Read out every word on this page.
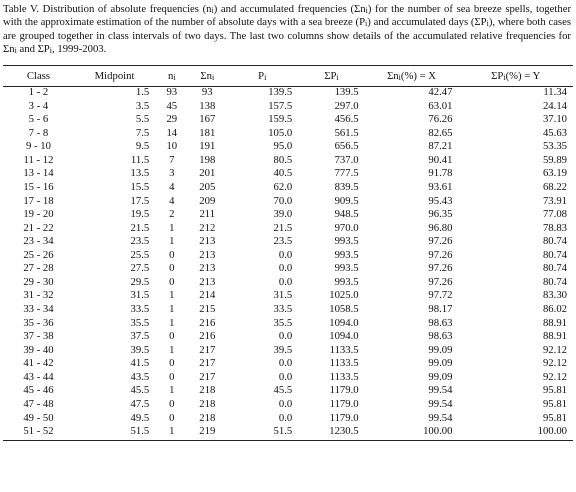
Table V. Distribution of absolute frequencies $(n_i)$ and accumulated frequencies $(\Sigma n_i)$ for the number of sea breeze spells, together with the approximate estimation of the number of absolute days with a sea breeze $(P_i)$ and accumulated days $(\Sigma P_i)$, where both cases are grouped together in class intervals of two days. The last two columns show details of the accumulated relative frequencies for $\Sigma n_i$ and $\Sigma P_i$, 1999-2003.
Class	Midpoint	$n_i$	$\Sigma n_i$	$P_i$	$\Sigma P_i$	$\Sigma n_i(\%) = X$	$\Sigma P_i(\%) = Y$
1 - 2	1.5	93	93	139.5	139.5	42.47	11.34
3 - 4	3.5	45	138	157.5	297.0	63.01	24.14
5 - 6	5.5	29	167	159.5	456.5	76.26	37.10
7 - 8	7.5	14	181	105.0	561.5	82.65	45.63
9 - 10	9.5	10	191	95.0	656.5	87.21	53.35
11 - 12	11.5	7	198	80.5	737.0	90.41	59.89
13 - 14	13.5	3	201	40.5	777.5	91.78	63.19
15 - 16	15.5	4	205	62.0	839.5	93.61	68.22
17 - 18	17.5	4	209	70.0	909.5	95.43	73.91
19 - 20	19.5	2	211	39.0	948.5	96.35	77.08
21 - 22	21.5	1	212	21.5	970.0	96.80	78.83
23 - 34	23.5	1	213	23.5	993.5	97.26	80.74
25 - 26	25.5	0	213	0.0	993.5	97.26	80.74
27 - 28	27.5	0	213	0.0	993.5	97.26	80.74
29 - 30	29.5	0	213	0.0	993.5	97.26	80.74
31 - 32	31.5	1	214	31.5	1025.0	97.72	83.30
33 - 34	33.5	1	215	33.5	1058.5	98.17	86.02
35 - 36	35.5	1	216	35.5	1094.0	98.63	88.91
37 - 38	37.5	0	216	0.0	1094.0	98.63	88.91
39 - 40	39.5	1	217	39.5	1133.5	99.09	92.12
41 - 42	41.5	0	217	0.0	1133.5	99.09	92.12
43 - 44	43.5	0	217	0.0	1133.5	99.09	92.12
45 - 46	45.5	1	218	45.5	1179.0	99.54	95.81
47 - 48	47.5	0	218	0.0	1179.0	99.54	95.81
49 - 50	49.5	0	218	0.0	1179.0	99.54	95.81
51 - 52	51.5	1	219	51.5	1230.5	100.00	100.00
